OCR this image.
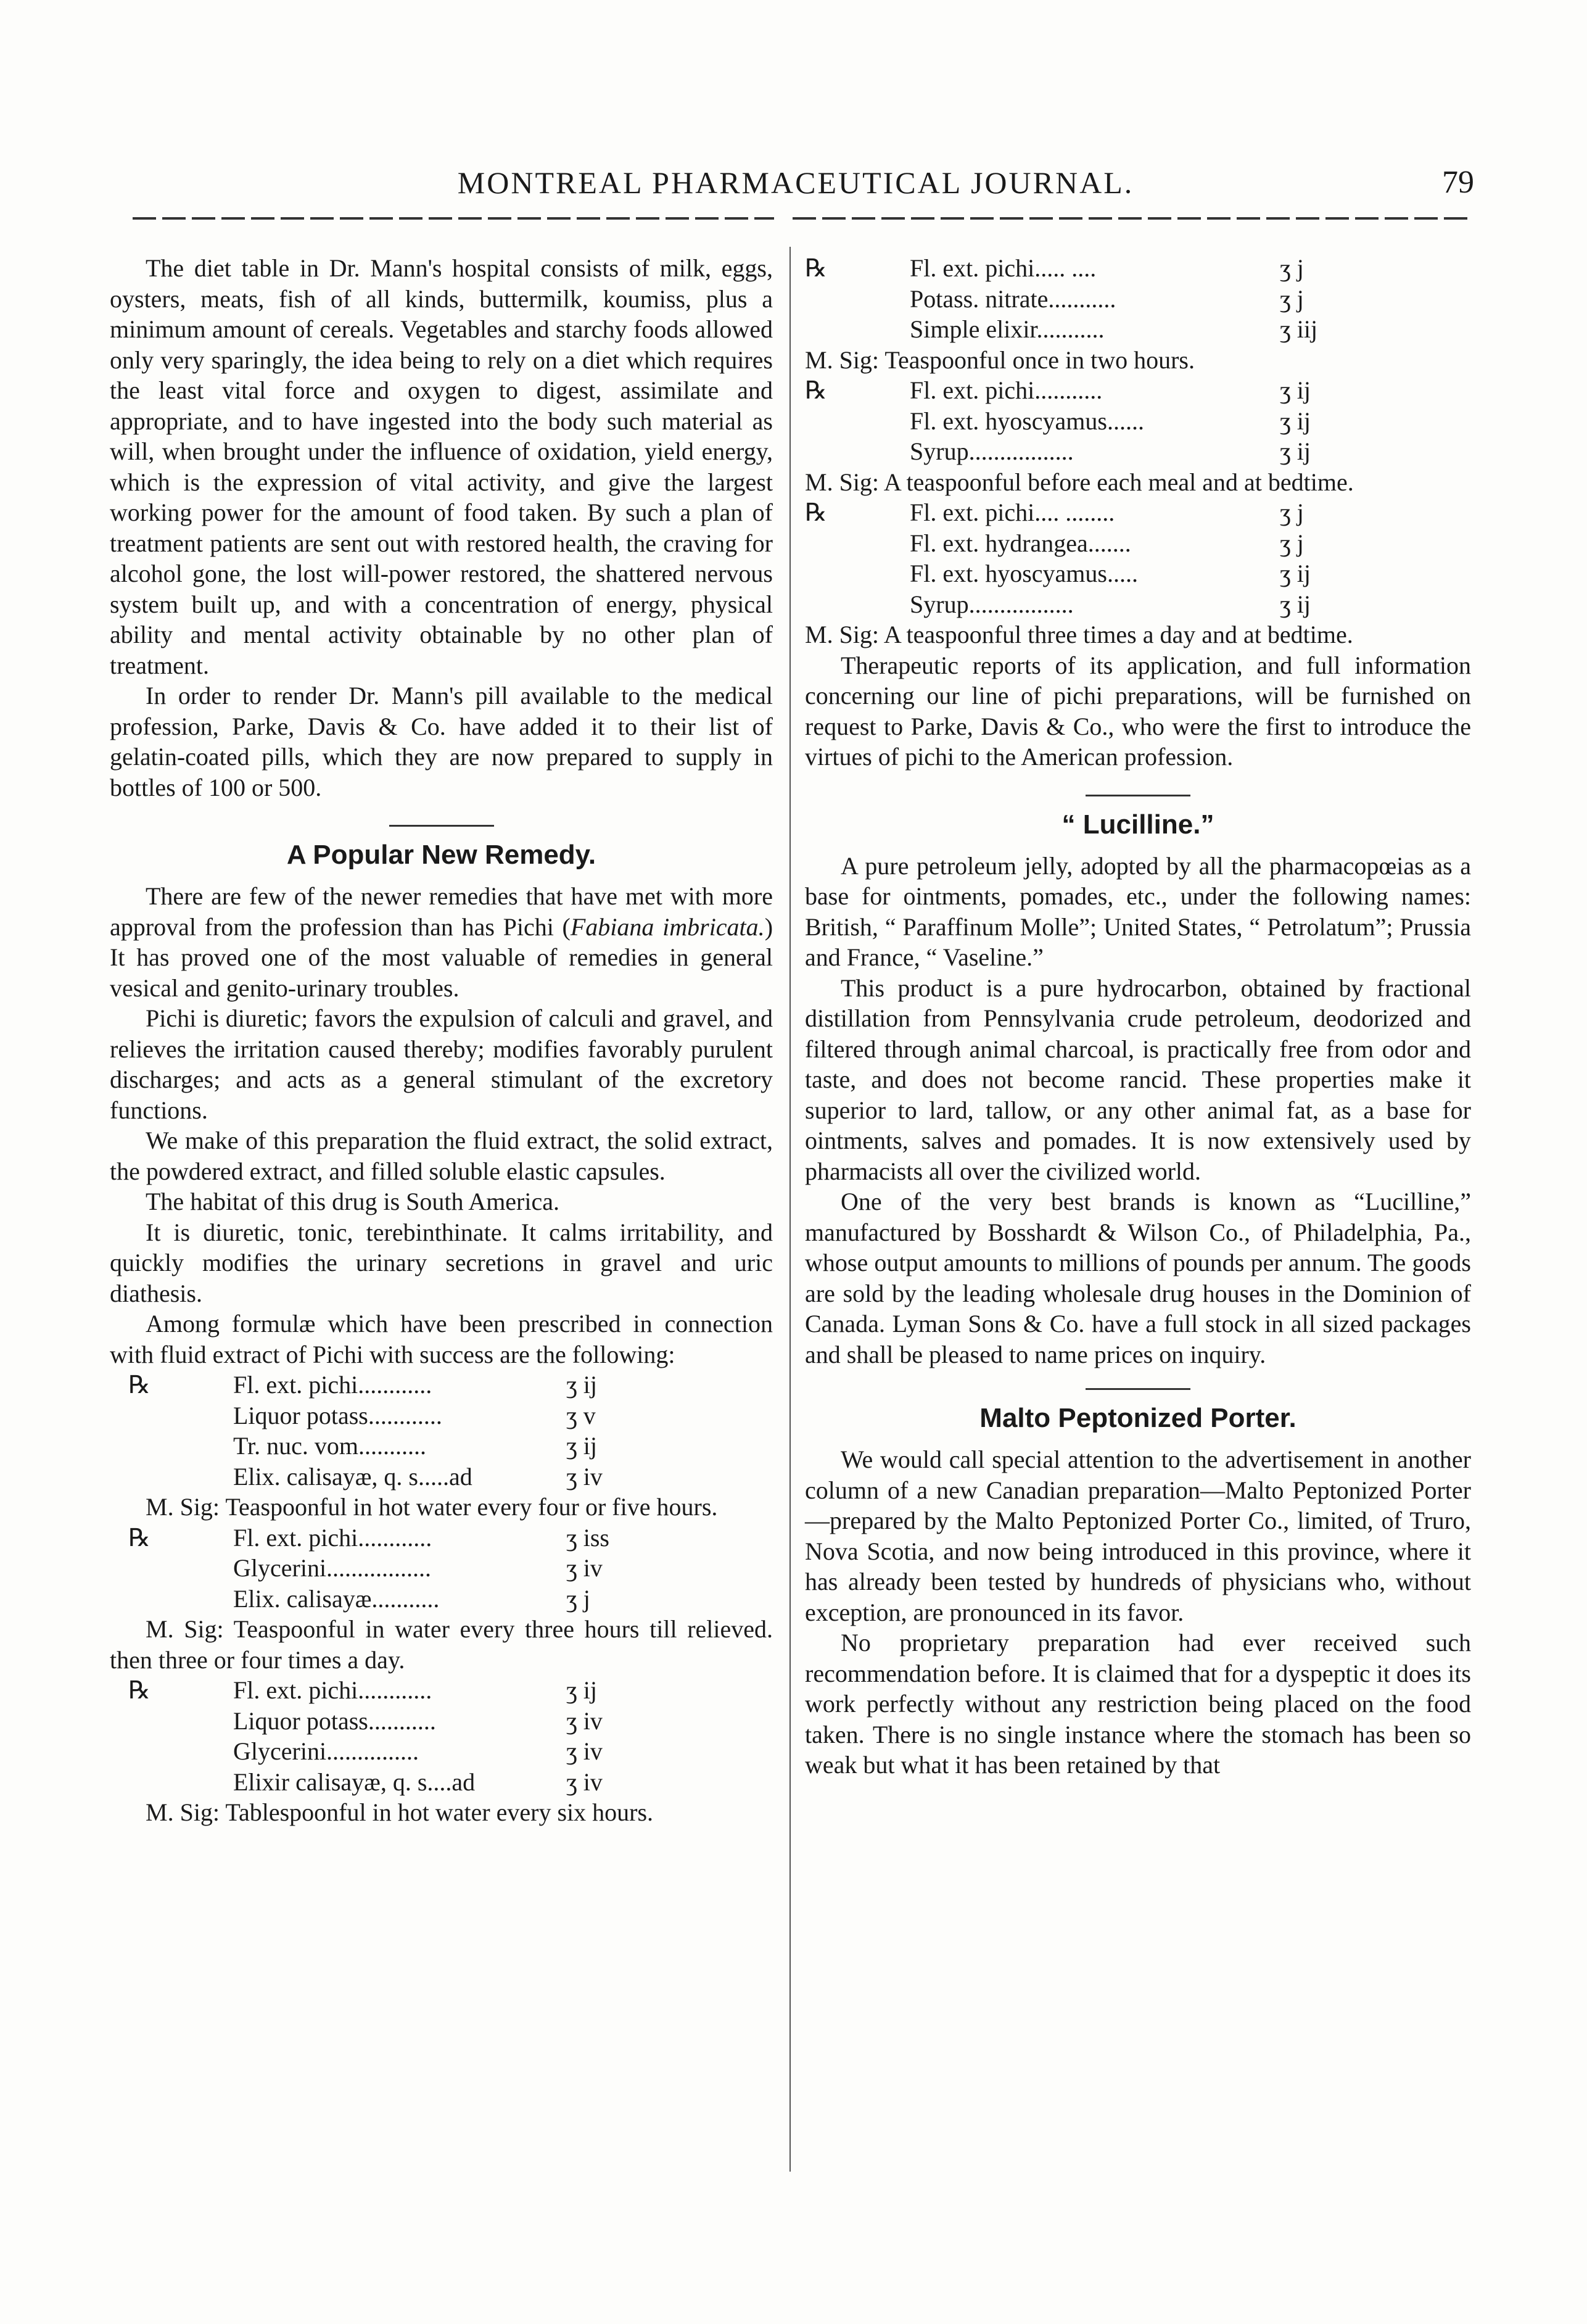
MONTREAL PHARMACEUTICAL JOURNAL.	79

The diet table in Dr. Mann's hospital consists of milk, eggs, oysters, meats, fish of all kinds, buttermilk, koumiss, plus a minimum amount of cereals. Vegetables and starchy foods allowed only very sparingly, the idea being to rely on a diet which requires the least vital force and oxygen to digest, assimilate and appropriate, and to have ingested into the body such material as will, when brought under the influence of oxidation, yield energy, which is the expression of vital activity, and give the largest working power for the amount of food taken. By such a plan of treatment patients are sent out with restored health, the craving for alcohol gone, the lost will-power restored, the shattered nervous system built up, and with a concentration of energy, physical ability and mental activity obtainable by no other plan of treatment.

In order to render Dr. Mann's pill available to the medical profession, Parke, Davis & Co. have added it to their list of gelatin-coated pills, which they are now prepared to supply in bottles of 100 or 500.

A Popular New Remedy.

There are few of the newer remedies that have met with more approval from the profession than has Pichi (Fabiana imbricata.) It has proved one of the most valuable of remedies in general vesical and genito-urinary troubles.

Pichi is diuretic; favors the expulsion of calculi and gravel, and relieves the irritation caused thereby; modifies favorably purulent discharges; and acts as a general stimulant of the excretory functions.

We make of this preparation the fluid extract, the solid extract, the powdered extract, and filled soluble elastic capsules.

The habitat of this drug is South America.

It is diuretic, tonic, terebinthinate. It calms irritability, and quickly modifies the urinary secretions in gravel and uric diathesis.

Among formulæ which have been prescribed in connection with fluid extract of Pichi with success are the following:

℞	Fl. ext. pichi............	ʒ ij
Liquor potass............	ʒ v
Tr. nuc. vom...........	ʒ ij
Elix. calisayæ, q. s.....ad	ʒ iv

M. Sig: Teaspoonful in hot water every four or five hours.

℞	Fl. ext. pichi............	ʒ iss
Glycerini.................	ʒ iv
Elix. calisayæ...........	ʒ j

M. Sig: Teaspoonful in water every three hours till relieved. then three or four times a day.

℞	Fl. ext. pichi............	ʒ ij
Liquor potass...........	ʒ iv
Glycerini...............	ʒ iv
Elixir calisayæ, q. s....ad	ʒ iv

M. Sig: Tablespoonful in hot water every six hours.

℞	Fl. ext. pichi..... ....	ʒ j
Potass. nitrate...........	ʒ j
Simple elixir...........	ʒ iij

M. Sig: Teaspoonful once in two hours.

℞	Fl. ext. pichi...........	ʒ ij
Fl. ext. hyoscyamus......	ʒ ij
Syrup.................	ʒ ij

M. Sig: A teaspoonful before each meal and at bedtime.

℞	Fl. ext. pichi.... ........	ʒ j
Fl. ext. hydrangea.......	ʒ j
Fl. ext. hyoscyamus.....	ʒ ij
Syrup.................	ʒ ij

M. Sig: A teaspoonful three times a day and at bedtime.

Therapeutic reports of its application, and full information concerning our line of pichi preparations, will be furnished on request to Parke, Davis & Co., who were the first to introduce the virtues of pichi to the American profession.

“ Lucilline.”

A pure petroleum jelly, adopted by all the pharmacopœias as a base for ointments, pomades, etc., under the following names: British, “ Paraffinum Molle”; United States, “ Petrolatum”; Prussia and France, “ Vaseline.”

This product is a pure hydrocarbon, obtained by fractional distillation from Pennsylvania crude petroleum, deodorized and filtered through animal charcoal, is practically free from odor and taste, and does not become rancid. These properties make it superior to lard, tallow, or any other animal fat, as a base for ointments, salves and pomades. It is now extensively used by pharmacists all over the civilized world.

One of the very best brands is known as “Lucilline,” manufactured by Bosshardt & Wilson Co., of Philadelphia, Pa., whose output amounts to millions of pounds per annum. The goods are sold by the leading wholesale drug houses in the Dominion of Canada. Lyman Sons & Co. have a full stock in all sized packages and shall be pleased to name prices on inquiry.

Malto Peptonized Porter.

We would call special attention to the advertisement in another column of a new Canadian preparation—Malto Peptonized Porter—prepared by the Malto Peptonized Porter Co., limited, of Truro, Nova Scotia, and now being introduced in this province, where it has already been tested by hundreds of physicians who, without exception, are pronounced in its favor.

No proprietary preparation had ever received such recommendation before. It is claimed that for a dyspeptic it does its work perfectly without any restriction being placed on the food taken. There is no single instance where the stomach has been so weak but what it has been retained by that
